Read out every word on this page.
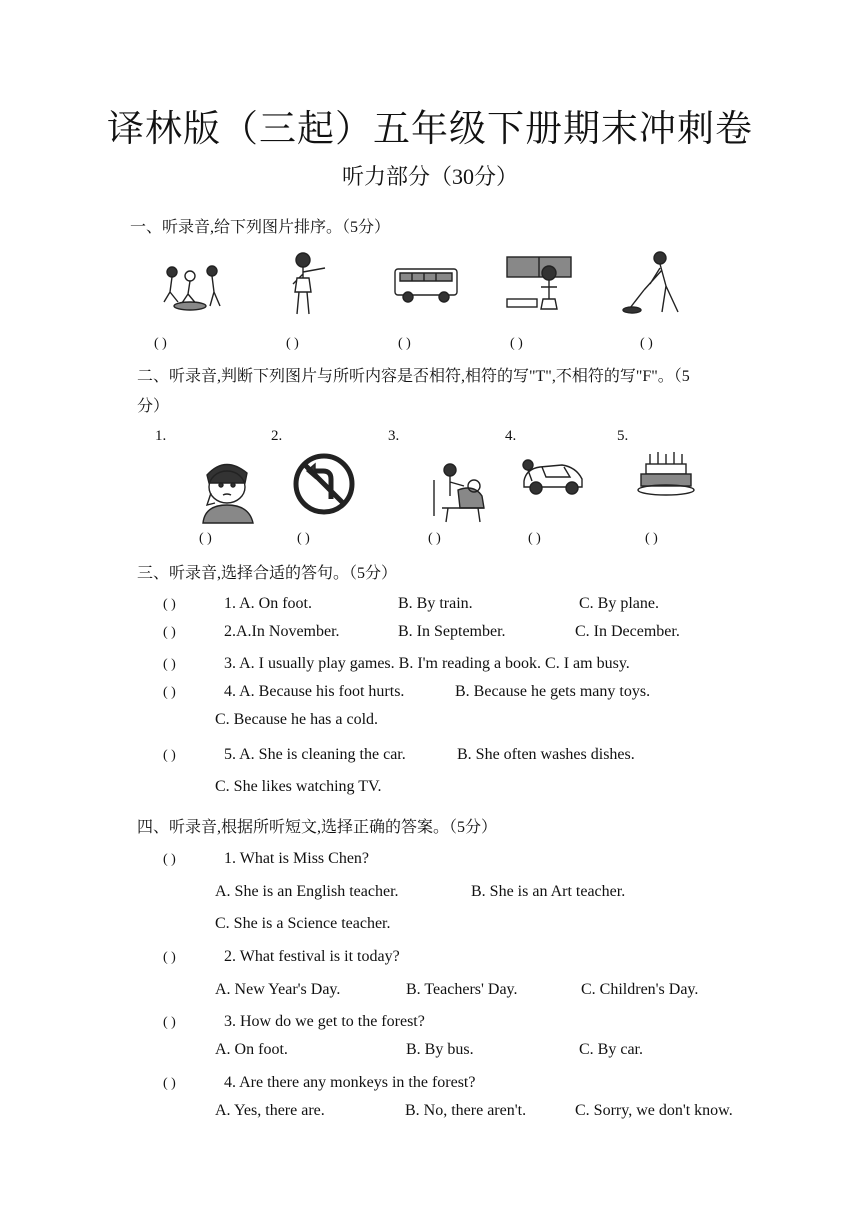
译林版（三起）五年级下册期末冲刺卷
听力部分（30分）
一、听录音,给下列图片排序。（5分）
( )	( )	( )	( )	( )
二、听录音,判断下列图片与所听内容是否相符,相符的写"T",不相符的写"F"。（5
分）
1.	2.	3.	4.	5.
( )	( )	( )	( )	( )
三、听录音,选择合适的答句。（5分）
( )	1. A. On foot.	B. By train.	C. By plane.
( )	2.A.In November.	B. In September.	C. In December.
( )	3. A. I usually play games. B. I'm reading a book. C. I am busy.
( )	4. A. Because his foot hurts.	B. Because he gets many toys.
C. Because he has a cold.
( )	5. A. She is cleaning the car.	B. She often washes dishes.
C. She likes watching TV.
四、听录音,根据所听短文,选择正确的答案。（5分）
( )	1. What is Miss Chen?
A. She is an English teacher.	B. She is an Art teacher.
C. She is a Science teacher.
( )	2. What festival is it today?
A. New Year's Day.	B. Teachers' Day.	C. Children's Day.
( )	3. How do we get to the forest?
A. On foot.	B. By bus.	C. By car.
( )	4. Are there any monkeys in the forest?
A. Yes, there are.	B. No, there aren't.	C. Sorry, we don't know.
